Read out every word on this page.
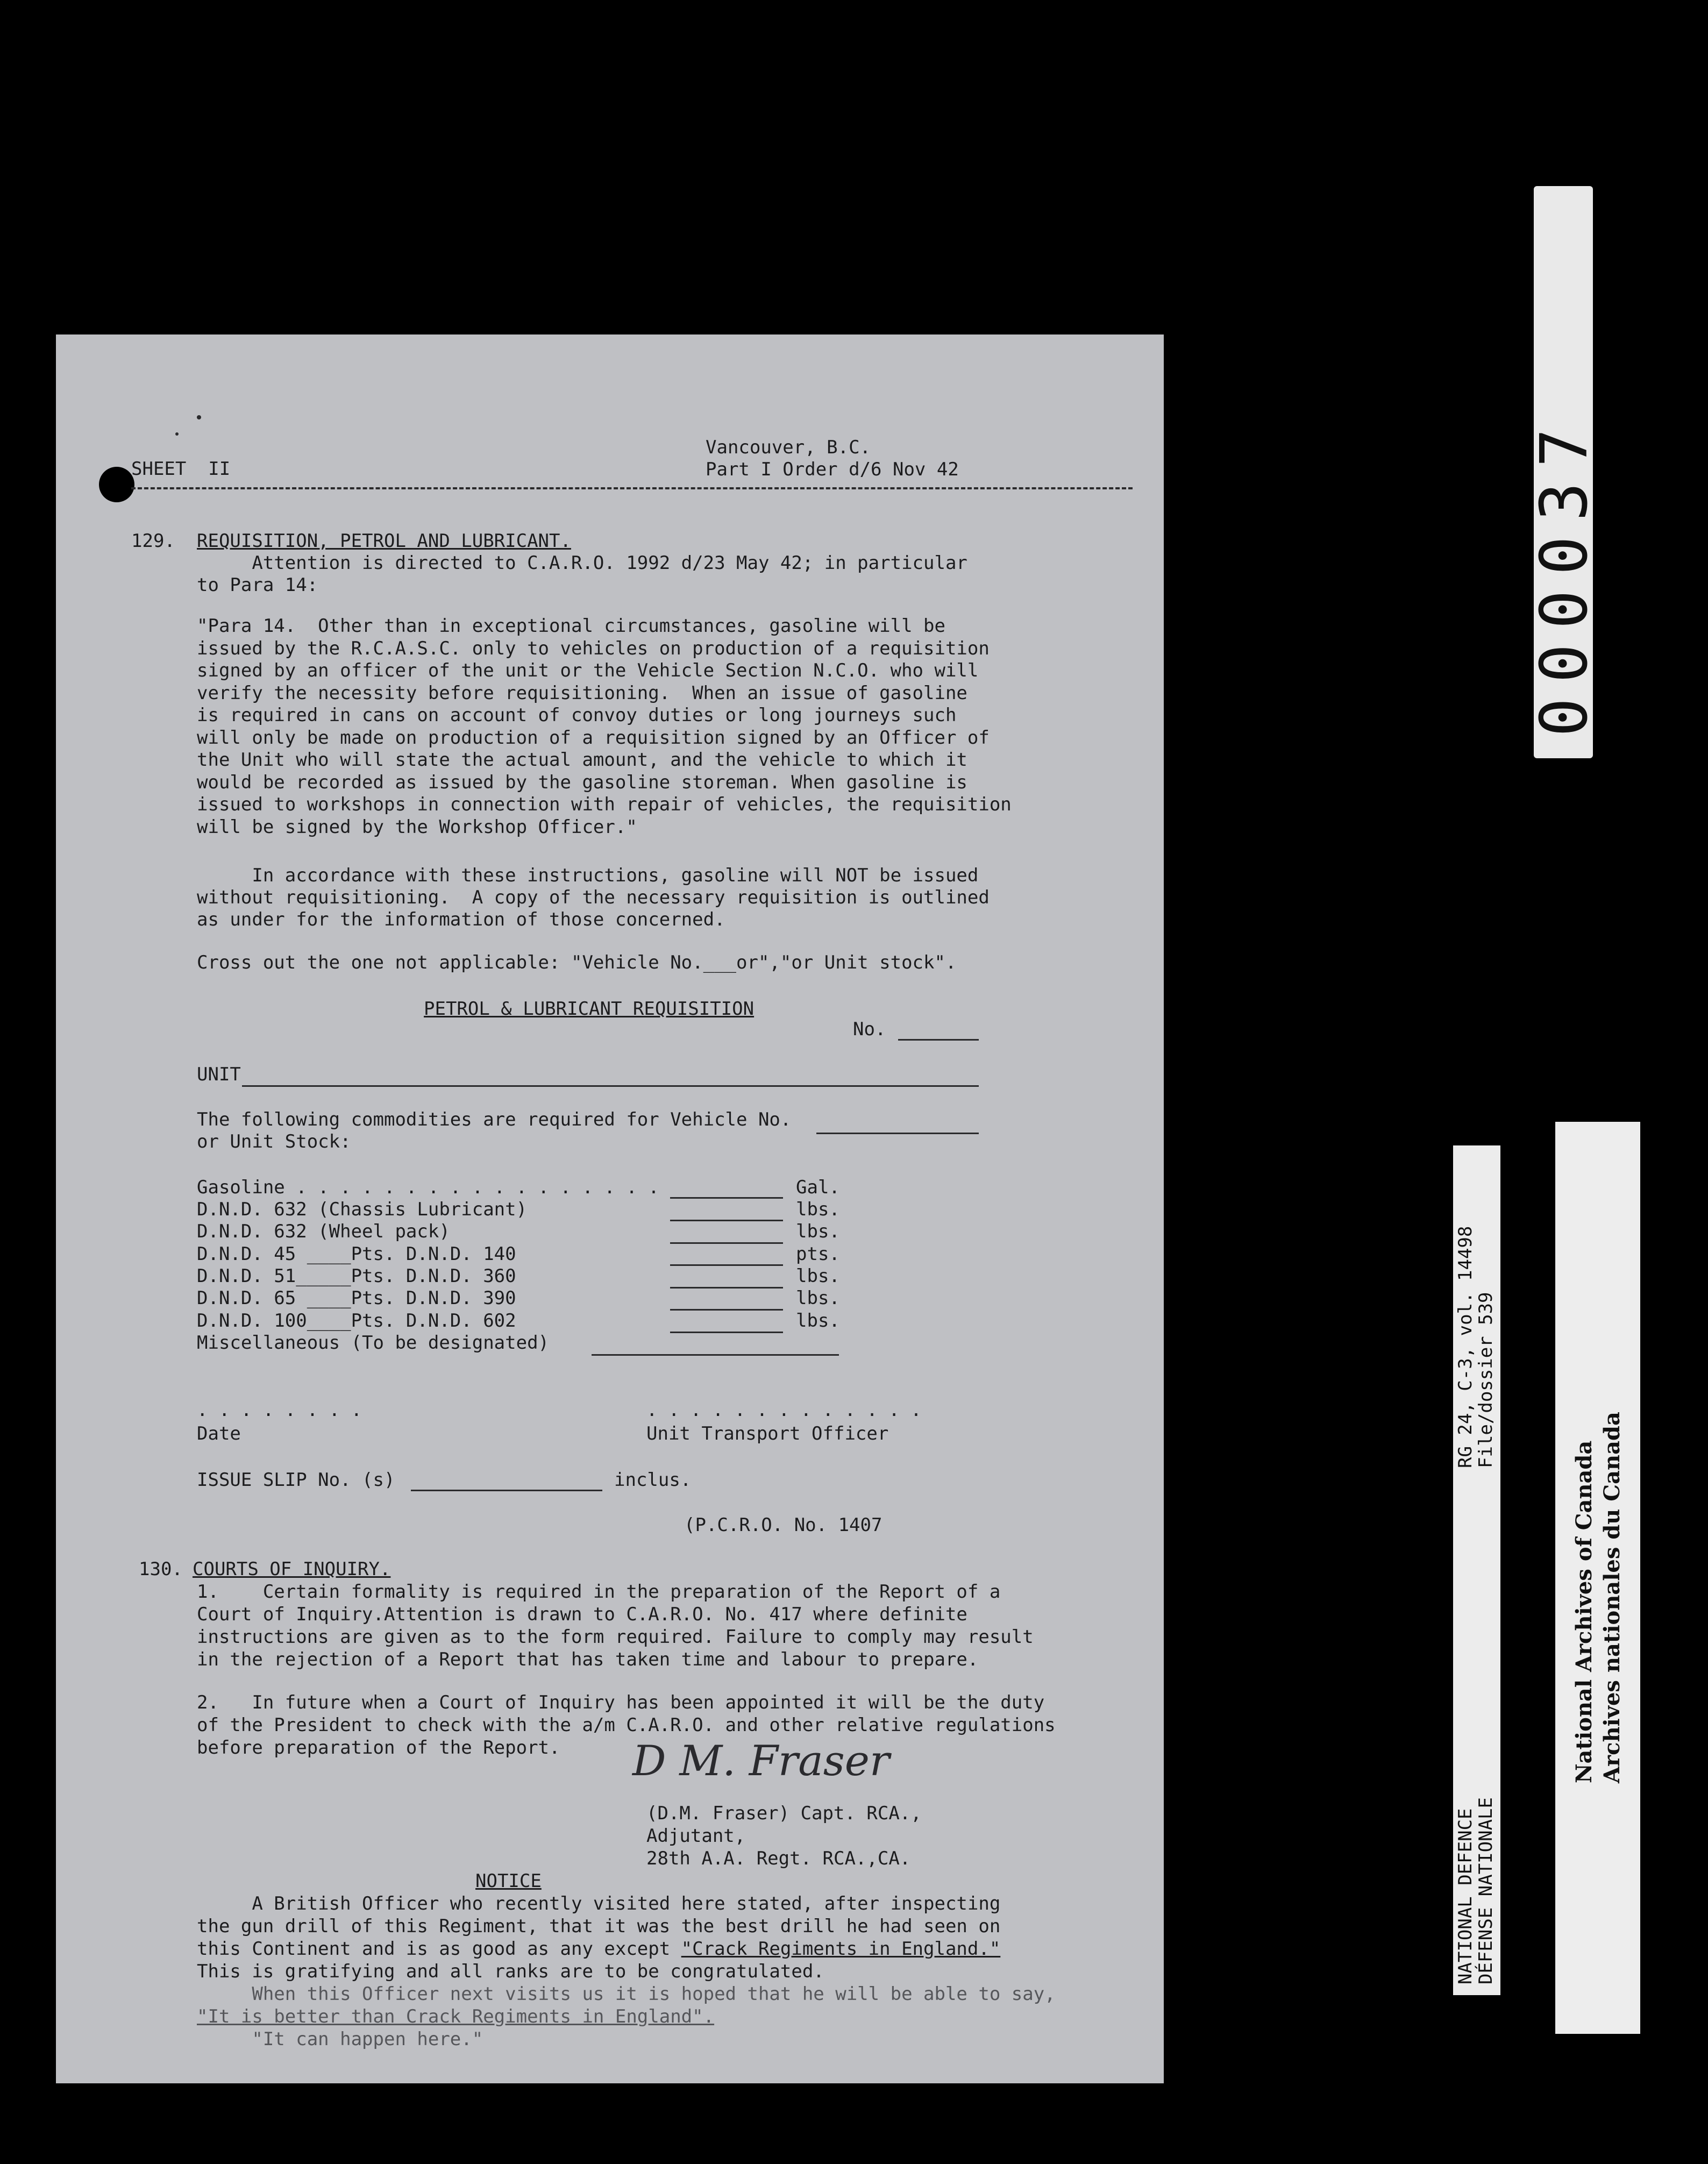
SHEET  II
Vancouver, B.C.
Part I Order d/6 Nov 42
129. REQUISITION, PETROL AND LUBRICANT.
Attention is directed to C.A.R.O. 1992 d/23 May 42; in particular
to Para 14:
"Para 14.  Other than in exceptional circumstances, gasoline will be
issued by the R.C.A.S.C. only to vehicles on production of a requisition
signed by an officer of the unit or the Vehicle Section N.C.O. who will
verify the necessity before requisitioning.  When an issue of gasoline
is required in cans on account of convoy duties or long journeys such
will only be made on production of a requisition signed by an Officer of
the Unit who will state the actual amount, and the vehicle to which it
would be recorded as issued by the gasoline storeman. When gasoline is
issued to workshops in connection with repair of vehicles, the requisition
will be signed by the Workshop Officer."
In accordance with these instructions, gasoline will NOT be issued
without requisitioning.  A copy of the necessary requisition is outlined
as under for the information of those concerned.
Cross out the one not applicable: "Vehicle No.___or","or Unit stock".
PETROL & LUBRICANT REQUISITION
No.
UNIT
The following commodities are required for Vehicle No.
or Unit Stock:
Gasoline . . . . . . . . . . . . . . . . .	Gal.
D.N.D. 632 (Chassis Lubricant)	lbs.
D.N.D. 632 (Wheel pack)	lbs.
D.N.D. 45 ____Pts. D.N.D. 140	pts.
D.N.D. 51_____Pts. D.N.D. 360	lbs.
D.N.D. 65 ____Pts. D.N.D. 390	lbs.
D.N.D. 100____Pts. D.N.D. 602	lbs.
Miscellaneous (To be designated)
. . . . . . . .
Date
. . . . . . . . . . . . .
Unit Transport Officer
ISSUE SLIP No. (s)	inclus.
(P.C.R.O. No. 1407
130. COURTS OF INQUIRY.
1.    Certain formality is required in the preparation of the Report of a
Court of Inquiry.Attention is drawn to C.A.R.O. No. 417 where definite
instructions are given as to the form required. Failure to comply may result
in the rejection of a Report that has taken time and labour to prepare.
2.   In future when a Court of Inquiry has been appointed it will be the duty
of the President to check with the a/m C.A.R.O. and other relative regulations
before preparation of the Report. D M. Fraser
(D.M. Fraser) Capt. RCA.,
Adjutant,
28th A.A. Regt. RCA.,CA.
NOTICE
A British Officer who recently visited here stated, after inspecting
the gun drill of this Regiment, that it was the best drill he had seen on
this Continent and is as good as any except "Crack Regiments in England."
This is gratifying and all ranks are to be congratulated.
When this Officer next visits us it is hoped that he will be able to say,
"It is better than Crack Regiments in England".
"It can happen here."
000037
RG 24, C-3, vol. 14498
File/dossier 539
NATIONAL DEFENCE
DÉFENSE NATIONALE
National Archives of Canada Archives nationales du Canada
